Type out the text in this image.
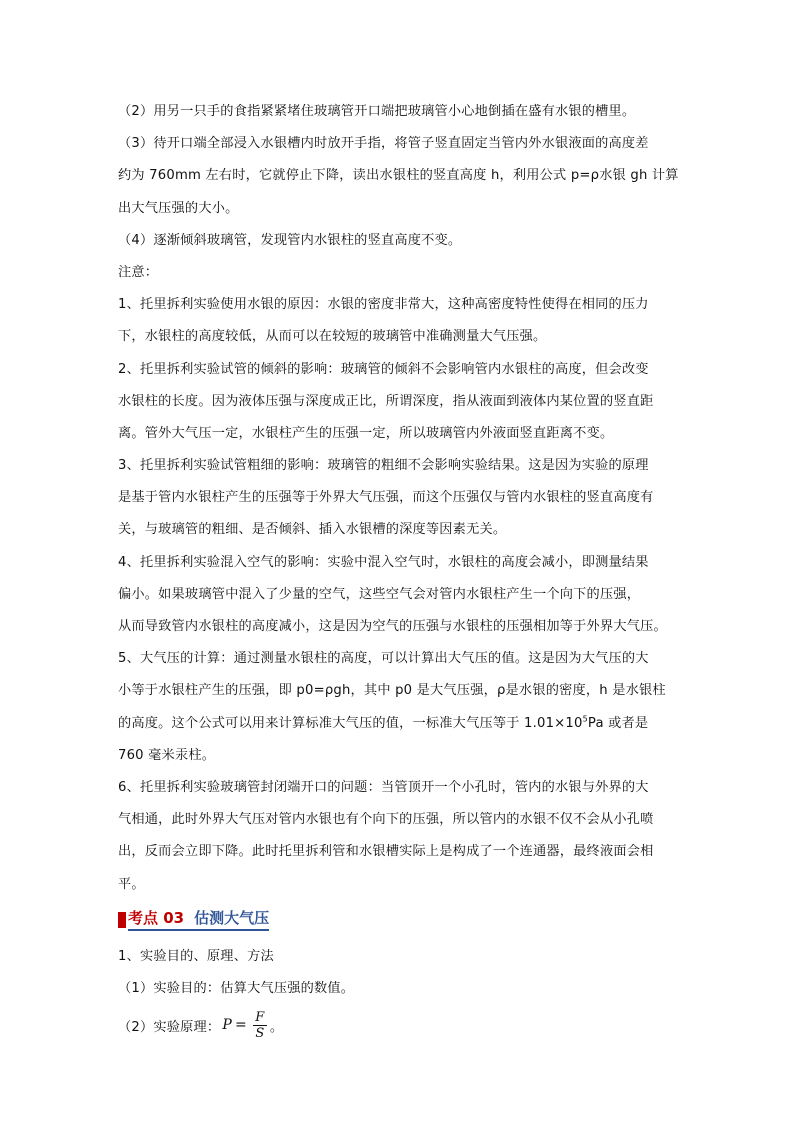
（2）用另一只手的食指紧紧堵住玻璃管开口端把玻璃管小心地倒插在盛有水银的槽里。
（3）待开口端全部浸入水银槽内时放开手指，将管子竖直固定当管内外水银液面的高度差
约为 760mm 左右时，它就停止下降，读出水银柱的竖直高度 h，利用公式 p=ρ水银 gh 计算
出大气压强的大小。
（4）逐渐倾斜玻璃管，发现管内水银柱的竖直高度不变。
注意：
1、托里拆利实验使用水银的原因：水银的密度非常大，这种高密度特性使得在相同的压力
下，水银柱的高度较低，从而可以在较短的玻璃管中准确测量大气压强。
2、托里拆利实验试管的倾斜的影响：玻璃管的倾斜不会影响管内水银柱的高度，但会改变
水银柱的长度。因为液体压强与深度成正比，所谓深度，指从液面到液体内某位置的竖直距
离。管外大气压一定，水银柱产生的压强一定，所以玻璃管内外液面竖直距离不变。
3、托里拆利实验试管粗细的影响：玻璃管的粗细不会影响实验结果。这是因为实验的原理
是基于管内水银柱产生的压强等于外界大气压强，而这个压强仅与管内水银柱的竖直高度有
关，与玻璃管的粗细、是否倾斜、插入水银槽的深度等因素无关。
4、托里拆利实验混入空气的影响：实验中混入空气时，水银柱的高度会减小，即测量结果
偏小。如果玻璃管中混入了少量的空气，这些空气会对管内水银柱产生一个向下的压强，
从而导致管内水银柱的高度减小，这是因为空气的压强与水银柱的压强相加等于外界大气压。
5、大气压的计算：通过测量水银柱的高度，可以计算出大气压的值。这是因为大气压的大
小等于水银柱产生的压强，即 p0=ρgh，其中 p0 是大气压强，ρ是水银的密度，h 是水银柱
的高度。这个公式可以用来计算标准大气压的值，一标准大气压等于 $1.01\times 10^5Pa$ 或者是
760 毫米汞柱。
6、托里拆利实验玻璃管封闭端开口的问题：当管顶开一个小孔时，管内的水银与外界的大
气相通，此时外界大气压对管内水银也有个向下的压强，所以管内的水银不仅不会从小孔喷
出，反而会立即下降。此时托里拆利管和水银槽实际上是构成了一个连通器，最终液面会相
平。
考点 03 估测大气压
1、实验目的、原理、方法
（1）实验目的：估算大气压强的数值。
（2）实验原理： $P = \frac{F}{S}$ 。
